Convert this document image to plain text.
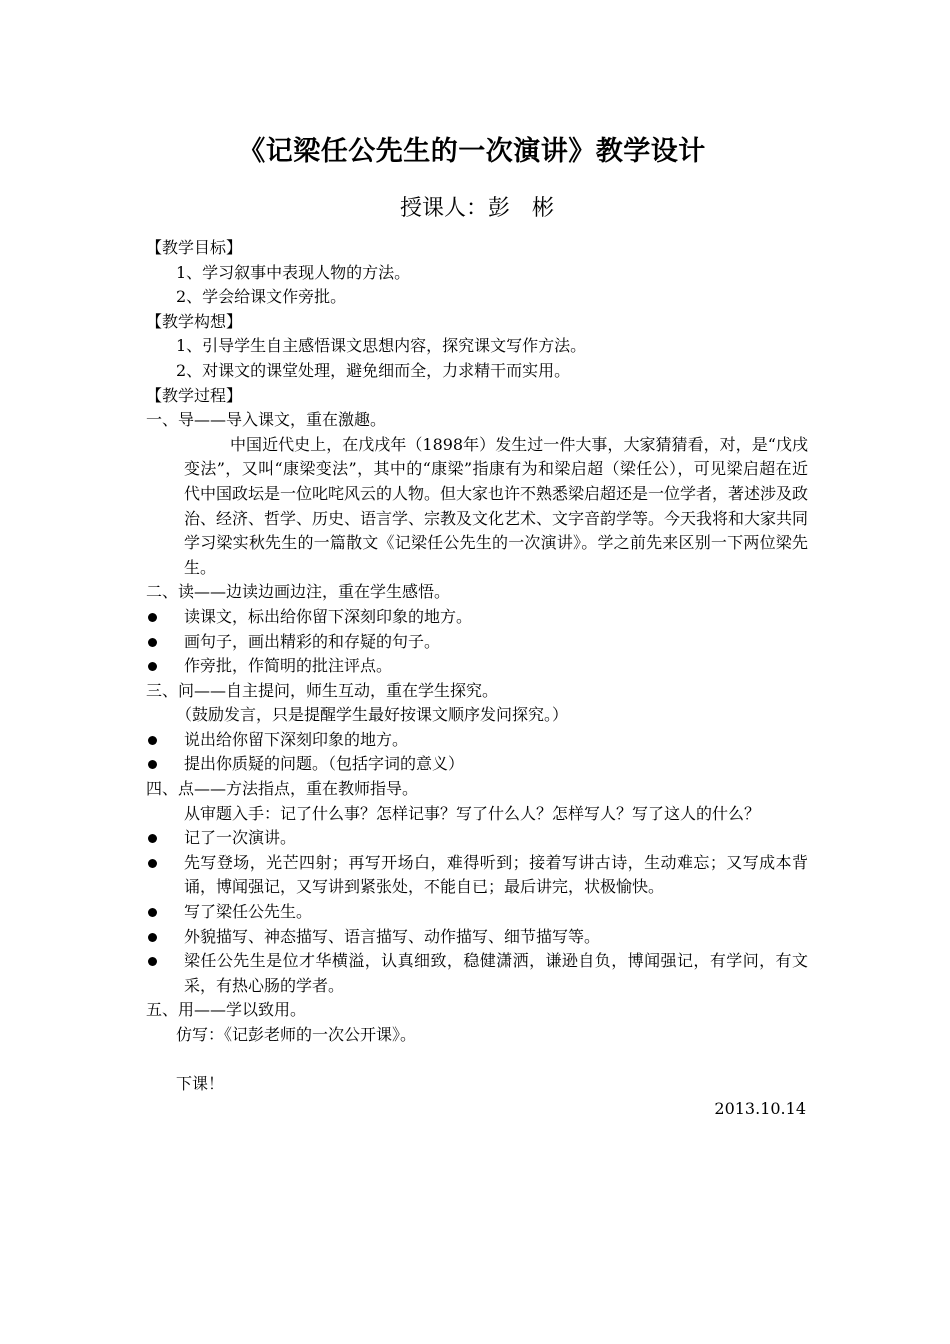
《记梁任公先生的一次演讲》教学设计
授课人：彭　彬
【教学目标】
1、学习叙事中表现人物的方法。
2、学会给课文作旁批。
【教学构想】
1、引导学生自主感悟课文思想内容，探究课文写作方法。
2、对课文的课堂处理，避免细而全，力求精干而实用。
【教学过程】
一、导——导入课文，重在激趣。
中国近代史上，在戊戌年（1898年）发生过一件大事，大家猜猜看，对，是“戊戌变法”，又叫“康梁变法”，其中的“康梁”指康有为和梁启超（梁任公），可见梁启超在近代中国政坛是一位叱咤风云的人物。但大家也许不熟悉梁启超还是一位学者，著述涉及政治、经济、哲学、历史、语言学、宗教及文化艺术、文字音韵学等。今天我将和大家共同学习梁实秋先生的一篇散文《记梁任公先生的一次演讲》。学之前先来区别一下两位梁先生。
二、读——边读边画边注，重在学生感悟。
读课文，标出给你留下深刻印象的地方。
画句子，画出精彩的和存疑的句子。
作旁批，作简明的批注评点。
三、问——自主提问，师生互动，重在学生探究。
（鼓励发言，只是提醒学生最好按课文顺序发问探究。）
说出给你留下深刻印象的地方。
提出你质疑的问题。（包括字词的意义）
四、点——方法指点，重在教师指导。
从审题入手：记了什么事？怎样记事？写了什么人？怎样写人？写了这人的什么？
记了一次演讲。
先写登场，光芒四射；再写开场白，难得听到；接着写讲古诗，生动难忘；又写成本背诵，博闻强记，又写讲到紧张处，不能自已；最后讲完，状极愉快。
写了梁任公先生。
外貌描写、神态描写、语言描写、动作描写、细节描写等。
梁任公先生是位才华横溢，认真细致，稳健潇洒，谦逊自负，博闻强记，有学问，有文采，有热心肠的学者。
五、用——学以致用。
仿写：《记彭老师的一次公开课》。
下课！
2013.10.14
